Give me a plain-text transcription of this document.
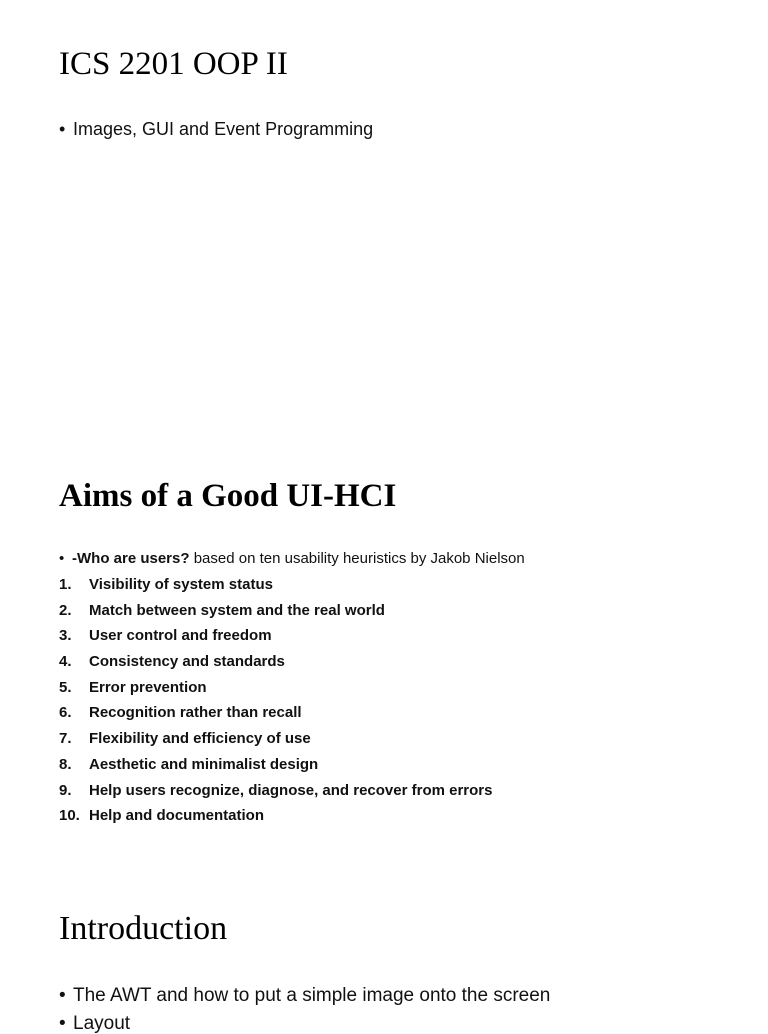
ICS 2201 OOP II
• Images, GUI and Event Programming
Aims of a Good UI-HCI
• -Who are users? based on ten usability heuristics by Jakob Nielson
1. Visibility of system status
2. Match between system and the real world
3. User control and freedom
4. Consistency and standards
5. Error prevention
6. Recognition rather than recall
7. Flexibility and efficiency of use
8. Aesthetic and minimalist design
9. Help users recognize, diagnose, and recover from errors
10. Help and documentation
Introduction
• The AWT and how to put a simple image onto the screen
• Layout
